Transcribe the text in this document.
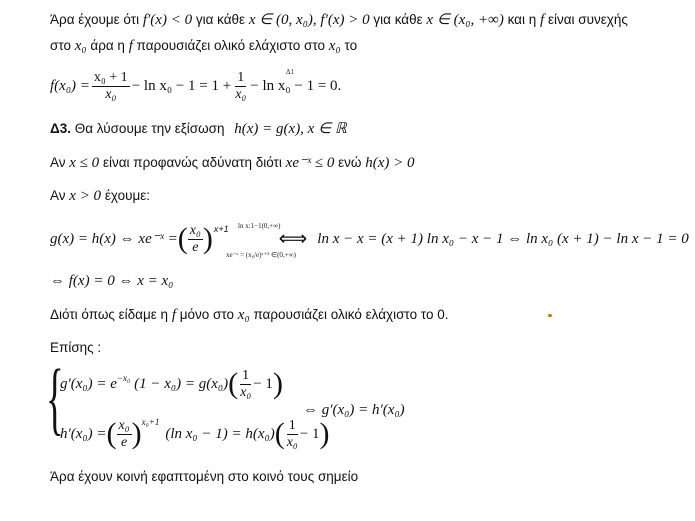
Άρα έχουμε ότι f′(x) < 0 για κάθε x ∈ (0, x₀), f′(x) > 0 για κάθε x ∈ (x₀, +∞) και η f είναι συνεχής
στο x₀ άρα η f παρουσιάζει ολικό ελάχιστο στο x₀ το
$f(x_0) = \frac{\text{x₀ + 1}}{\text{x₀}} - \ln x_0 - 1 = 1 + \frac{1}{\text{x₀}} - \ln x_0 - 1 = 0$.
Δ1
Δ3. Θα λύσουμε την εξίσωση h(x) = g(x), x ∈ ℝ
Αν x ≤ 0 είναι προφανώς αδύνατη διότι xe⁻ˣ ≤ 0 ενώ h(x) > 0
Αν x > 0 έχουμε:
g(x) = h(x) ⇔ xe⁻ˣ = ( $\frac{\text{x₀}}{e}$ ) x+1	⟺ ln x − x = (x + 1) ln x₀ − x − 1 ⇔ ln x₀ (x + 1) − ln x − 1 = 0
ln x:1−1(0,+∞)
xe⁻ˣ = (x₀/e)ˣ⁺¹ ∈(0,+∞)
⇔ f(x) = 0 ⇔ x = x₀
Διότι όπως είδαμε η f μόνο στο x₀ παρουσιάζει ολικό ελάχιστο το 0.
Επίσης :
{
g′(x₀) = e −x₀ (1 − x₀) = g(x₀) ( $\frac{1}{\text{x₀}} - 1$ )
h′(x₀) = ( $\frac{\text{x₀}}{e}$ ) x₀+1
(ln x₀ − 1) = h(x₀) ( $\frac{1}{\text{x₀}} - 1$ )
⇔ g′(x₀) = h′(x₀)
Άρα έχουν κοινή εφαπτομένη στο κοινό τους σημείο
